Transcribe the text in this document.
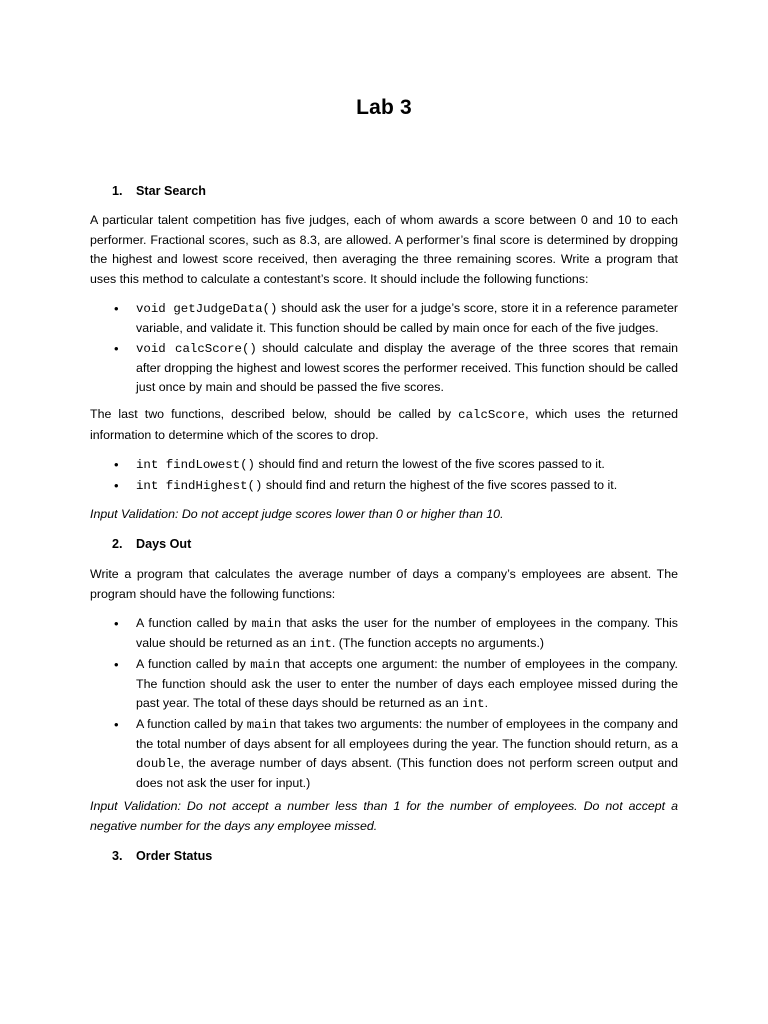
Lab 3

1. Star Search

A particular talent competition has five judges, each of whom awards a score between 0 and 10 to each performer. Fractional scores, such as 8.3, are allowed. A performer’s final score is determined by dropping the highest and lowest score received, then averaging the three remaining scores. Write a program that uses this method to calculate a contestant’s score. It should include the following functions:

• void getJudgeData() should ask the user for a judge’s score, store it in a reference parameter variable, and validate it. This function should be called by main once for each of the five judges.
• void calcScore() should calculate and display the average of the three scores that remain after dropping the highest and lowest scores the performer received. This function should be called just once by main and should be passed the five scores.

The last two functions, described below, should be called by calcScore, which uses the returned information to determine which of the scores to drop.

• int findLowest() should find and return the lowest of the five scores passed to it.
• int findHighest() should find and return the highest of the five scores passed to it.

Input Validation: Do not accept judge scores lower than 0 or higher than 10.

2. Days Out

Write a program that calculates the average number of days a company’s employees are absent. The program should have the following functions:

• A function called by main that asks the user for the number of employees in the company. This value should be returned as an int. (The function accepts no arguments.)
• A function called by main that accepts one argument: the number of employees in the company. The function should ask the user to enter the number of days each employee missed during the past year. The total of these days should be returned as an int.
• A function called by main that takes two arguments: the number of employees in the company and the total number of days absent for all employees during the year. The function should return, as a double, the average number of days absent. (This function does not perform screen output and does not ask the user for input.)

Input Validation: Do not accept a number less than 1 for the number of employees. Do not accept a negative number for the days any employee missed.

3. Order Status
